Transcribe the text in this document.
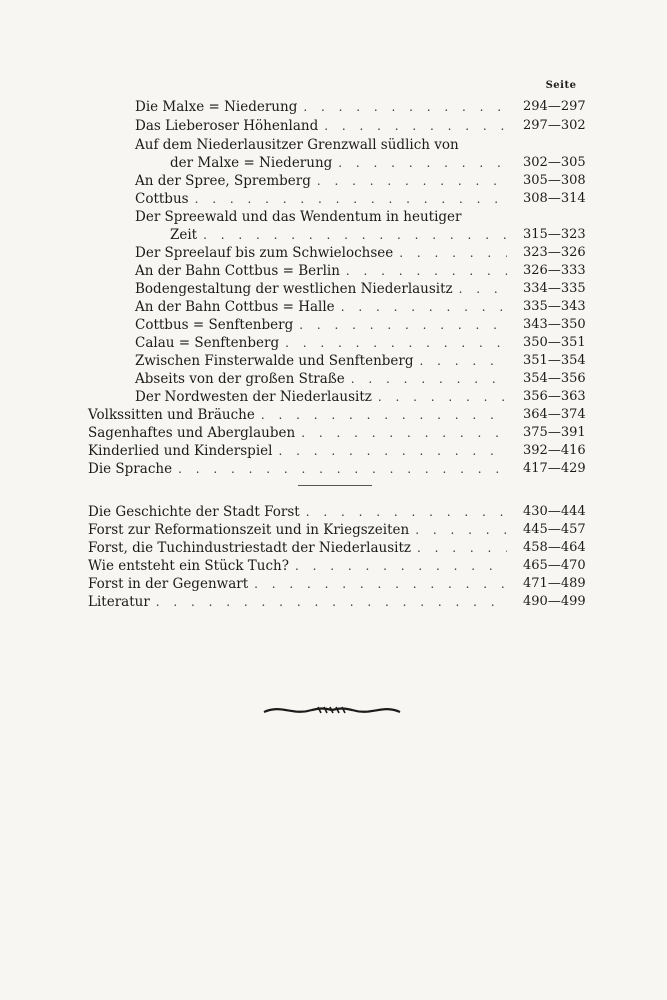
Seite
Die Malxe = Niederung . . .	294—297
Das Lieberoser Höhenland . . .	297—302
Auf dem Niederlausitzer Grenzwall südlich von
der Malxe = Niederung . . .	302—305
An der Spree, Spremberg . . .	305—308
Cottbus . . .	308—314
Der Spreewald und das Wendentum in heutiger
Zeit . . .	315—323
Der Spreelauf bis zum Schwielochsee . . .	323—326
An der Bahn Cottbus = Berlin . . .	326—333
Bodengestaltung der westlichen Niederlausitz . . .	334—335
An der Bahn Cottbus = Halle . . .	335—343
Cottbus = Senftenberg . . .	343—350
Calau = Senftenberg . . .	350—351
Zwischen Finsterwalde und Senftenberg . . .	351—354
Abseits von der großen Straße . . .	354—356
Der Nordwesten der Niederlausitz . . .	356—363
Volkssitten und Bräuche . . .	364—374
Sagenhaftes und Aberglauben . . .	375—391
Kinderlied und Kinderspiel . . .	392—416
Die Sprache . . .	417—429
Die Geschichte der Stadt Forst . . .	430—444
Forst zur Reformationszeit und in Kriegszeiten . . .	445—457
Forst, die Tuchindustriestadt der Niederlausitz . . .	458—464
Wie entsteht ein Stück Tuch? . . .	465—470
Forst in der Gegenwart . . .	471—489
Literatur . . .	490—499
